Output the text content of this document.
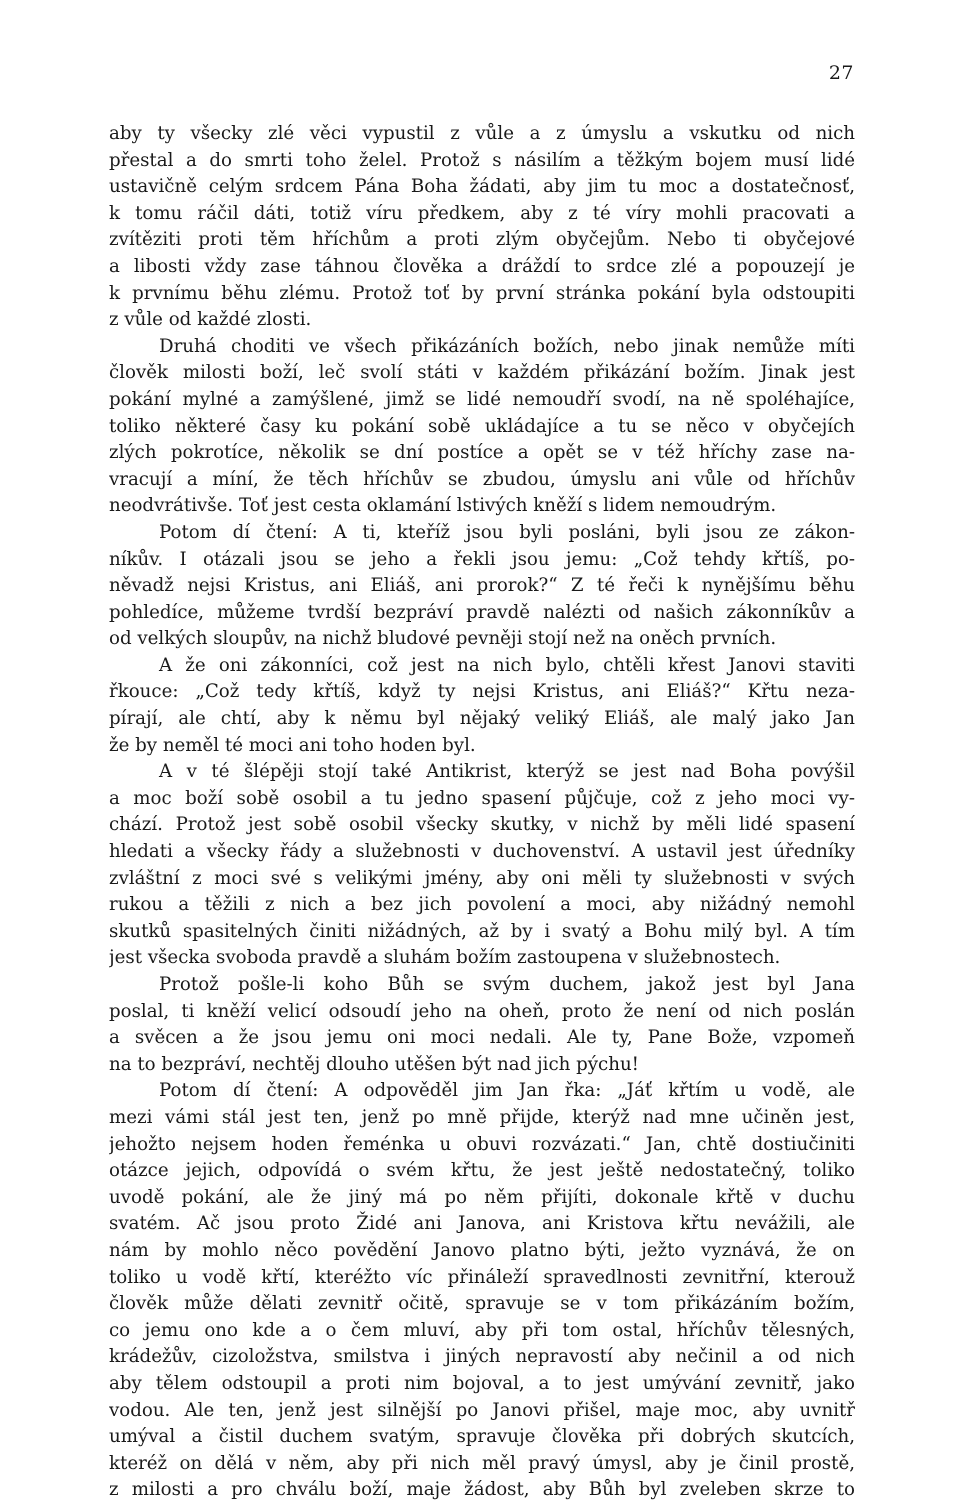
27
aby ty všecky zlé věci vypustil z vůle a z úmyslu a vskutku od nich
přestal a do smrti toho želel. Protož s násilím a těžkým bojem musí lidé
ustavičně celým srdcem Pána Boha žádati, aby jim tu moc a dostatečnosť,
k tomu ráčil dáti, totiž víru předkem, aby z té víry mohli pracovati a
zvítěziti proti těm hříchům a proti zlým obyčejům. Nebo ti obyčejové
a libosti vždy zase táhnou člověka a dráždí to srdce zlé a popouzejí je
k prvnímu běhu zlému. Protož toť by první stránka pokání byla odstoupiti
z vůle od každé zlosti.
Druhá choditi ve všech přikázáních božích, nebo jinak nemůže míti
člověk milosti boží, leč svolí státi v každém přikázání božím. Jinak jest
pokání mylné a zamýšlené, jimž se lidé nemoudří svodí, na ně spoléhajíce,
toliko některé časy ku pokání sobě ukládajíce a tu se něco v obyčejích
zlých pokrotíce, několik se dní postíce a opět se v též hříchy zase na-
vracují a míní, že těch hříchův se zbudou, úmyslu ani vůle od hříchův
neodvrátivše. Toť jest cesta oklamání lstivých kněží s lidem nemoudrým.
Potom dí čtení: A ti, kteříž jsou byli posláni, byli jsou ze zákon-
níkův. I otázali jsou se jeho a řekli jsou jemu: „Což tehdy křtíš, po-
něvadž nejsi Kristus, ani Eliáš, ani prorok?“ Z té řeči k nynějšímu běhu
pohledíce, můžeme tvrdší bezpráví pravdě nalézti od našich zákonníkův a
od velkých sloupův, na nichž bludové pevněji stojí než na oněch prvních.
A že oni zákonníci, což jest na nich bylo, chtěli křest Janovi staviti
řkouce: „Což tedy křtíš, když ty nejsi Kristus, ani Eliáš?“ Křtu neza-
pírají, ale chtí, aby k němu byl nějaký veliký Eliáš, ale malý jako Jan
že by neměl té moci ani toho hoden byl.
A v té šlépěji stojí také Antikrist, kterýž se jest nad Boha povýšil
a moc boží sobě osobil a tu jedno spasení půjčuje, což z jeho moci vy-
chází. Protož jest sobě osobil všecky skutky, v nichž by měli lidé spasení
hledati a všecky řády a služebnosti v duchovenství. A ustavil jest úředníky
zvláštní z moci své s velikými jmény, aby oni měli ty služebnosti v svých
rukou a těžili z nich a bez jich povolení a moci, aby nižádný nemohl
skutků spasitelných činiti nižádných, až by i svatý a Bohu milý byl. A tím
jest všecka svoboda pravdě a sluhám božím zastoupena v služebnostech.
Protož pošle-li koho Bůh se svým duchem, jakož jest byl Jana
poslal, ti kněží velicí odsoudí jeho na oheň, proto že není od nich poslán
a svěcen a že jsou jemu oni moci nedali. Ale ty, Pane Bože, vzpomeň
na to bezpráví, nechtěj dlouho utěšen být nad jich pýchu!
Potom dí čtení: A odpověděl jim Jan řka: „Jáť křtím u vodě, ale
mezi vámi stál jest ten, jenž po mně přijde, kterýž nad mne učiněn jest,
jehožto nejsem hoden řeménka u obuvi rozvázati.“ Jan, chtě dostiučiniti
otázce jejich, odpovídá o svém křtu, že jest ještě nedostatečný, toliko
uvodě pokání, ale že jiný má po něm přijíti, dokonale křtě v duchu
svatém. Ač jsou proto Židé ani Janova, ani Kristova křtu nevážili, ale
nám by mohlo něco povědění Janovo platno býti, ježto vyznává, že on
toliko u vodě křtí, kteréžto víc přináleží spravedlnosti zevnitřní, kterouž
člověk může dělati zevnitř očitě, spravuje se v tom přikázáním božím,
co jemu ono kde a o čem mluví, aby při tom ostal, hříchův tělesných,
krádežův, cizoložstva, smilstva i jiných nepravostí aby nečinil a od nich
aby tělem odstoupil a proti nim bojoval, a to jest umývání zevnitř, jako
vodou. Ale ten, jenž jest silnější po Janovi přišel, maje moc, aby uvnitř
umýval a čistil duchem svatým, spravuje člověka při dobrých skutcích,
kteréž on dělá v něm, aby při nich měl pravý úmysl, aby je činil prostě,
z milosti a pro chválu boží, maje žádost, aby Bůh byl zveleben skrze to
